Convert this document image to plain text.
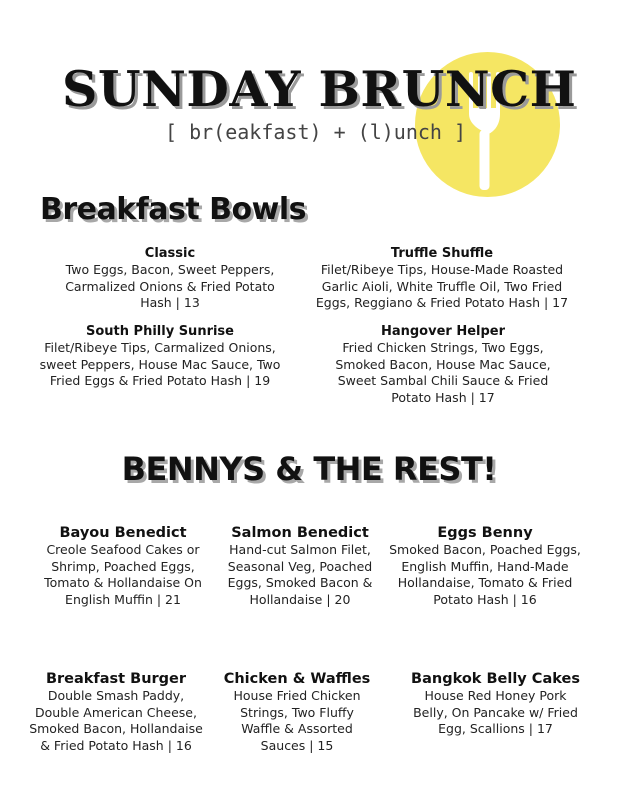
SUNDAY BRUNCH
[ br(eakfast) + (l)unch ]
Breakfast Bowls
Classic
Two Eggs, Bacon, Sweet Peppers, Carmalized Onions & Fried Potato Hash | 13
Truffle Shuffle
Filet/Ribeye Tips, House-Made Roasted Garlic Aioli, White Truffle Oil, Two Fried Eggs, Reggiano & Fried Potato Hash | 17
South Philly Sunrise
Filet/Ribeye Tips, Carmalized Onions, sweet Peppers, House Mac Sauce, Two Fried Eggs & Fried Potato Hash | 19
Hangover Helper
Fried Chicken Strings, Two Eggs, Smoked Bacon, House Mac Sauce, Sweet Sambal Chili Sauce & Fried Potato Hash | 17
BENNYS & THE REST!
Bayou Benedict
Creole Seafood Cakes or Shrimp, Poached Eggs, Tomato & Hollandaise On English Muffin | 21
Salmon Benedict
Hand-cut Salmon Filet, Seasonal Veg, Poached Eggs, Smoked Bacon & Hollandaise | 20
Eggs Benny
Smoked Bacon, Poached Eggs, English Muffin, Hand-Made Hollandaise, Tomato & Fried Potato Hash | 16
Breakfast Burger
Double Smash Paddy, Double American Cheese, Smoked Bacon, Hollandaise & Fried Potato Hash | 16
Chicken & Waffles
House Fried Chicken Strings, Two Fluffy Waffle & Assorted Sauces | 15
Bangkok Belly Cakes
House Red Honey Pork Belly, On Pancake w/ Fried Egg, Scallions | 17
